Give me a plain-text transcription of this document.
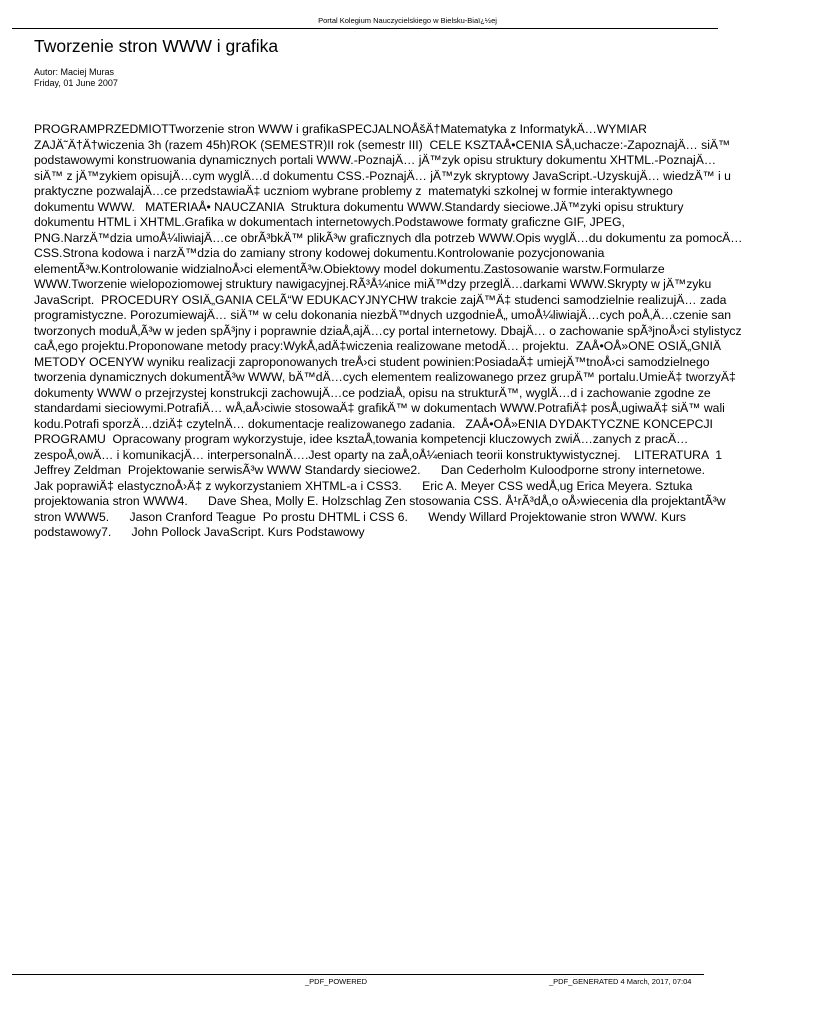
Portal Kolegium Nauczycielskiego w Bielsku-Biaï¿½ej
Tworzenie stron WWW i grafika
Autor: Maciej Muras
Friday, 01 June 2007
PROGRAMPRZEDMIOTTworzenie stron WWW i grafikaSPECJALNOÅšÄ†Matematyka z InformatykÄ…WYMIAR
ZAJÄ˜Ä†Ä†wiczenia 3h (razem 45h)ROK (SEMESTR)II rok (semestr III)  CELE KSZTAÅ•CENIA SÅ‚uchacze:-ZapoznajÄ… siÄ™
podstawowymi konstruowania dynamicznych portali WWW.-PoznajÄ… jÄ™zyk opisu struktury dokumentu XHTML.-PoznajÄ…
siÄ™ z jÄ™zykiem opisujÄ…cym wyglÄ…d dokumentu CSS.-PoznajÄ… jÄ™zyk skryptowy JavaScript.-UzyskujÄ… wiedzÄ™ i u
praktyczne pozwalajÄ…ce przedstawiaÄ‡ uczniom wybrane problemy z  matematyki szkolnej w formie interaktywnego
dokumentu WWW.   MATERIAÅ• NAUCZANIA  Struktura dokumentu WWW.Standardy sieciowe.JÄ™zyki opisu struktury
dokumentu HTML i XHTML.Grafika w dokumentach internetowych.Podstawowe formaty graficzne GIF, JPEG,
PNG.NarzÄ™dzia umoÅ¼liwiajÄ…ce obrÃ³bkÄ™ plikÃ³w graficznych dla potrzeb WWW.Opis wyglÄ…du dokumentu za pomocÄ…
CSS.Strona kodowa i narzÄ™dzia do zamiany strony kodowej dokumentu.Kontrolowanie pozycjonowania
elementÃ³w.Kontrolowanie widzialnoÅ›ci elementÃ³w.Obiektowy model dokumentu.Zastosowanie warstw.Formularze
WWW.Tworzenie wielopoziomowej struktury nawigacyjnej.RÃ³Å¼nice miÄ™dzy przeglÄ…darkami WWW.Skrypty w jÄ™zyku
JavaScript.  PROCEDURY OSIÄ„GANIA CELÃ“W EDUKACYJNYCHW trakcie zajÄ™Ä‡ studenci samodzielnie realizujÄ… zada
programistyczne. PorozumiewajÄ… siÄ™ w celu dokonania niezbÄ™dnych uzgodnieÅ„ umoÅ¼liwiajÄ…cych poÅ‚Ä…czenie san
tworzonych moduÅ‚Ã³w w jeden spÃ³jny i poprawnie dziaÅ‚ajÄ…cy portal internetowy. DbajÄ… o zachowanie spÃ³jnoÅ›ci stylistycz
caÅ‚ego projektu.Proponowane metody pracy:WykÅ‚adÄ‡wiczenia realizowane metodÄ… projektu.  ZAÅ•OÅ»ONE OSIÄ„GNIÄ
METODY OCENYW wyniku realizacji zaproponowanych treÅ›ci student powinien:PosiadaÄ‡ umiejÄ™tnoÅ›ci samodzielnego
tworzenia dynamicznych dokumentÃ³w WWW, bÄ™dÄ…cych elementem realizowanego przez grupÄ™ portalu.UmieÄ‡ tworzyÄ‡
dokumenty WWW o przejrzystej konstrukcji zachowujÄ…ce podziaÅ‚ opisu na strukturÄ™, wyglÄ…d i zachowanie zgodne ze
standardami sieciowymi.PotrafiÄ… wÅ‚aÅ›ciwie stosowaÄ‡ grafikÄ™ w dokumentach WWW.PotrafiÄ‡ posÅ‚ugiwaÄ‡ siÄ™ wali
kodu.Potrafi sporzÄ…dziÄ‡ czytelnÄ… dokumentacje realizowanego zadania.   ZAÅ•OÅ»ENIA DYDAKTYCZNE KONCEPCJI
PROGRAMU  Opracowany program wykorzystuje, idee ksztaÅ‚towania kompetencji kluczowych zwiÄ…zanych z pracÄ…
zespoÅ‚owÄ… i komunikacjÄ… interpersonalnÄ….Jest oparty na zaÅ‚oÅ¼eniach teorii konstruktywistycznej.    LITERATURA  1
Jeffrey Zeldman  Projektowanie serwisÃ³w WWW Standardy sieciowe2.      Dan Cederholm Kuloodporne strony internetowe.
Jak poprawiÄ‡ elastycznoÅ›Ä‡ z wykorzystaniem XHTML-a i CSS3.      Eric A. Meyer CSS wedÅ‚ug Erica Meyera. Sztuka
projektowania stron WWW4.      Dave Shea, Molly E. Holzschlag Zen stosowania CSS. Å¹rÃ³dÅ‚o oÅ›wiecenia dla projektantÃ³w
stron WWW5.      Jason Cranford Teague  Po prostu DHTML i CSS 6.      Wendy Willard Projektowanie stron WWW. Kurs
podstawowy7.      John Pollock JavaScript. Kurs Podstawowy
_PDF_POWERED	_PDF_GENERATED 4 March, 2017, 07:04
